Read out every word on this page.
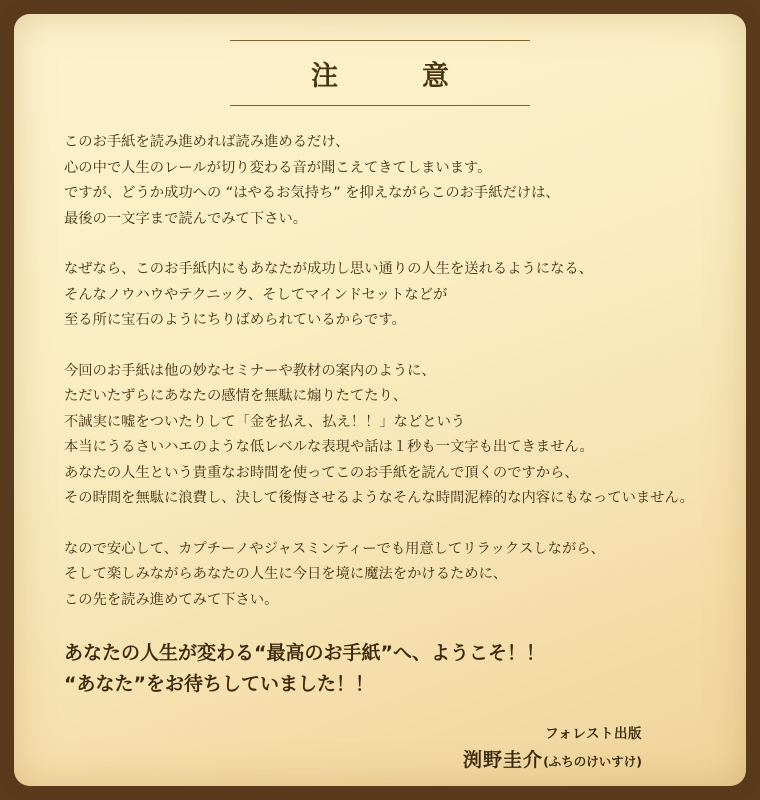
注　　意
このお手紙を読み進めれば読み進めるだけ、
心の中で人生のレールが切り変わる音が聞こえてきてしまいます。
ですが、どうか成功への “はやるお気持ち” を抑えながらこのお手紙だけは、
最後の一文字まで読んでみて下さい。
なぜなら、このお手紙内にもあなたが成功し思い通りの人生を送れるようになる、
そんなノウハウやテクニック、そしてマインドセットなどが
至る所に宝石のようにちりばめられているからです。
今回のお手紙は他の妙なセミナーや教材の案内のように、
ただいたずらにあなたの感情を無駄に煽りたてたり、
不誠実に嘘をついたりして「金を払え、払え！！」などという
本当にうるさいハエのような低レベルな表現や話は１秒も一文字も出てきません。
あなたの人生という貴重なお時間を使ってこのお手紙を読んで頂くのですから、
その時間を無駄に浪費し、決して後悔させるようなそんな時間泥棒的な内容にもなっていません。
なので安心して、カプチーノやジャスミンティーでも用意してリラックスしながら、
そして楽しみながらあなたの人生に今日を境に魔法をかけるために、
この先を読み進めてみて下さい。
あなたの人生が変わる“最高のお手紙”へ、ようこそ！！
“あなた”をお待ちしていました！！
フォレスト出版
渕野圭介(ふちのけいすけ)
